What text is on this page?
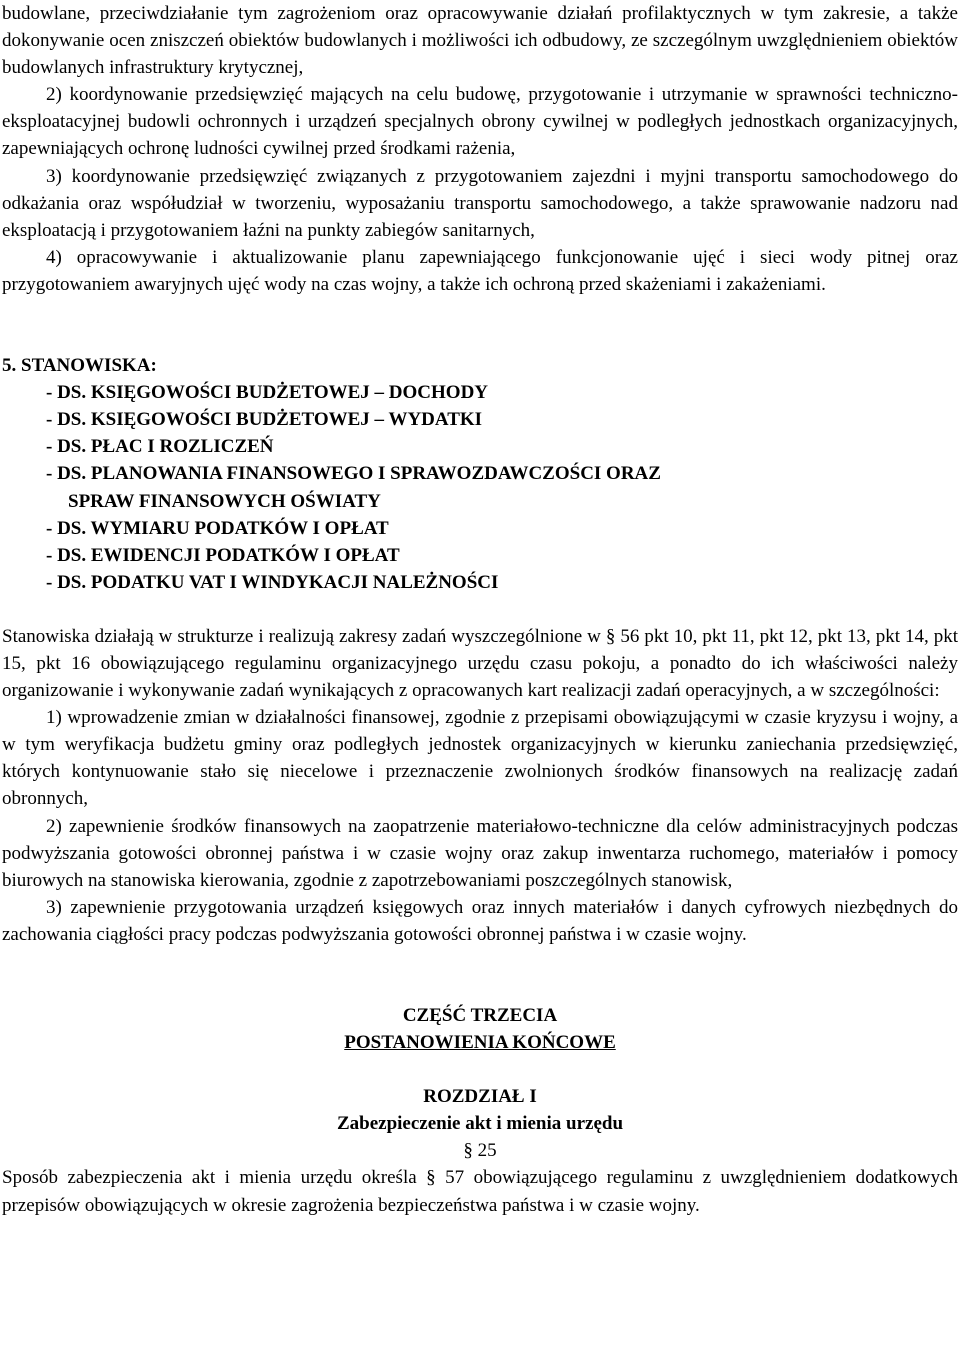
budowlane, przeciwdziałanie tym zagrożeniom oraz opracowywanie działań profilaktycznych w tym zakresie, a także dokonywanie ocen zniszczeń obiektów budowlanych i możliwości ich odbudowy, ze szczególnym uwzględnieniem obiektów budowlanych infrastruktury krytycznej,

2) koordynowanie przedsięwzięć mających na celu budowę, przygotowanie i utrzymanie w sprawności techniczno-eksploatacyjnej budowli ochronnych i urządzeń specjalnych obrony cywilnej w podległych jednostkach organizacyjnych, zapewniających ochronę ludności cywilnej przed środkami rażenia,

3) koordynowanie przedsięwzięć związanych z przygotowaniem zajezdni i myjni transportu samochodowego do odkażania oraz współudział w tworzeniu, wyposażaniu transportu samochodowego, a także sprawowanie nadzoru nad eksploatacją i przygotowaniem łaźni na punkty zabiegów sanitarnych,

4) opracowywanie i aktualizowanie planu zapewniającego funkcjonowanie ujęć i sieci wody pitnej oraz przygotowaniem awaryjnych ujęć wody na czas wojny, a także ich ochroną przed skażeniami i zakażeniami.

5. STANOWISKA:

- DS. KSIĘGOWOŚCI BUDŻETOWEJ – DOCHODY
- DS. KSIĘGOWOŚCI BUDŻETOWEJ – WYDATKI
- DS. PŁAC I ROZLICZEŃ
- DS. PLANOWANIA FINANSOWEGO I SPRAWOZDAWCZOŚCI ORAZ
SPRAW FINANSOWYCH OŚWIATY
- DS. WYMIARU PODATKÓW I OPŁAT
- DS. EWIDENCJI PODATKÓW I OPŁAT
- DS. PODATKU VAT I WINDYKACJI NALEŻNOŚCI

Stanowiska działają w strukturze i realizują zakresy zadań wyszczególnione w § 56 pkt 10, pkt 11, pkt 12, pkt 13, pkt 14, pkt 15, pkt 16 obowiązującego regulaminu organizacyjnego urzędu czasu pokoju, a ponadto do ich właściwości należy organizowanie i wykonywanie zadań wynikających z opracowanych kart realizacji zadań operacyjnych, a w szczególności:

1) wprowadzenie zmian w działalności finansowej, zgodnie z przepisami obowiązującymi w czasie kryzysu i wojny, a w tym weryfikacja budżetu gminy oraz podległych jednostek organizacyjnych w kierunku zaniechania przedsięwzięć, których kontynuowanie stało się niecelowe i przeznaczenie zwolnionych środków finansowych na realizację zadań obronnych,

2) zapewnienie środków finansowych na zaopatrzenie materiałowo-techniczne dla celów administracyjnych podczas podwyższania gotowości obronnej państwa i w czasie wojny oraz zakup inwentarza ruchomego, materiałów i pomocy biurowych na stanowiska kierowania, zgodnie z zapotrzebowaniami poszczególnych stanowisk,

3) zapewnienie przygotowania urządzeń księgowych oraz innych materiałów i danych cyfrowych niezbędnych do zachowania ciągłości pracy podczas podwyższania gotowości obronnej państwa i w czasie wojny.

CZĘŚĆ TRZECIA
POSTANOWIENIA KOŃCOWE
ROZDZIAŁ I
Zabezpieczenie akt i mienia urzędu
§ 25

Sposób zabezpieczenia akt i mienia urzędu określa § 57 obowiązującego regulaminu z uwzględnieniem dodatkowych przepisów obowiązujących w okresie zagrożenia bezpieczeństwa państwa i w czasie wojny.
